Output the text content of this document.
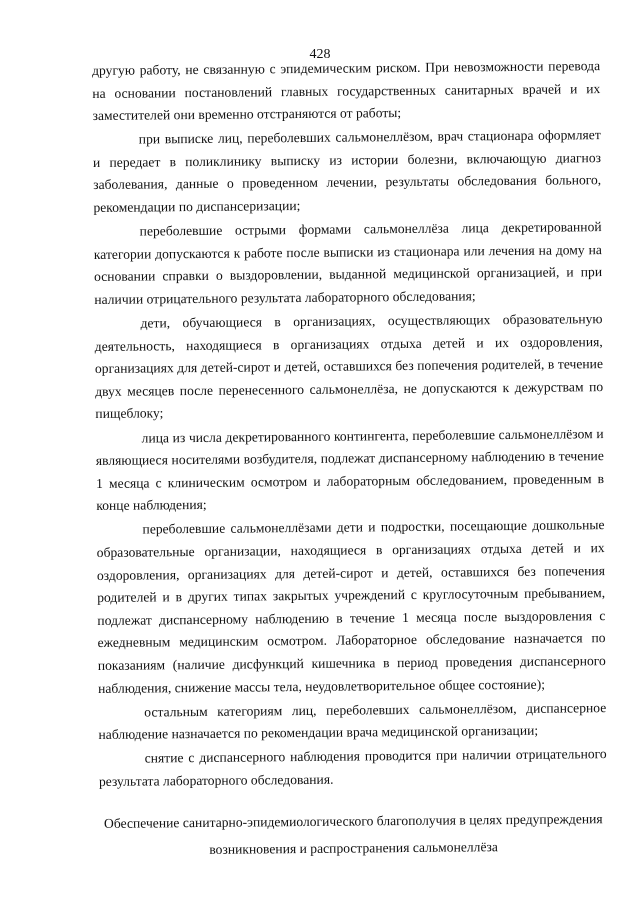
428

другую работу, не связанную с эпидемическим риском. При невозможности перевода на основании постановлений главных государственных санитарных врачей и их заместителей они временно отстраняются от работы;

при выписке лиц, переболевших сальмонеллёзом, врач стационара оформляет и передает в поликлинику выписку из истории болезни, включающую диагноз заболевания, данные о проведенном лечении, результаты обследования больного, рекомендации по диспансеризации;

переболевшие острыми формами сальмонеллёза лица декретированной категории допускаются к работе после выписки из стационара или лечения на дому на основании справки о выздоровлении, выданной медицинской организацией, и при наличии отрицательного результата лабораторного обследования;

дети, обучающиеся в организациях, осуществляющих образовательную деятельность, находящиеся в организациях отдыха детей и их оздоровления, организациях для детей-сирот и детей, оставшихся без попечения родителей, в течение двух месяцев после перенесенного сальмонеллёза, не допускаются к дежурствам по пищеблоку;

лица из числа декретированного контингента, переболевшие сальмонеллёзом и являющиеся носителями возбудителя, подлежат диспансерному наблюдению в течение 1 месяца с клиническим осмотром и лабораторным обследованием, проведенным в конце наблюдения;

переболевшие сальмонеллёзами дети и подростки, посещающие дошкольные образовательные организации, находящиеся в организациях отдыха детей и их оздоровления, организациях для детей-сирот и детей, оставшихся без попечения родителей и в других типах закрытых учреждений с круглосуточным пребыванием, подлежат диспансерному наблюдению в течение 1 месяца после выздоровления с ежедневным медицинским осмотром. Лабораторное обследование назначается по показаниям (наличие дисфункций кишечника в период проведения диспансерного наблюдения, снижение массы тела, неудовлетворительное общее состояние);

остальным категориям лиц, переболевших сальмонеллёзом, диспансерное наблюдение назначается по рекомендации врача медицинской организации;

снятие с диспансерного наблюдения проводится при наличии отрицательного результата лабораторного обследования.

Обеспечение санитарно-эпидемиологического благополучия в целях предупреждения возникновения и распространения сальмонеллёза
